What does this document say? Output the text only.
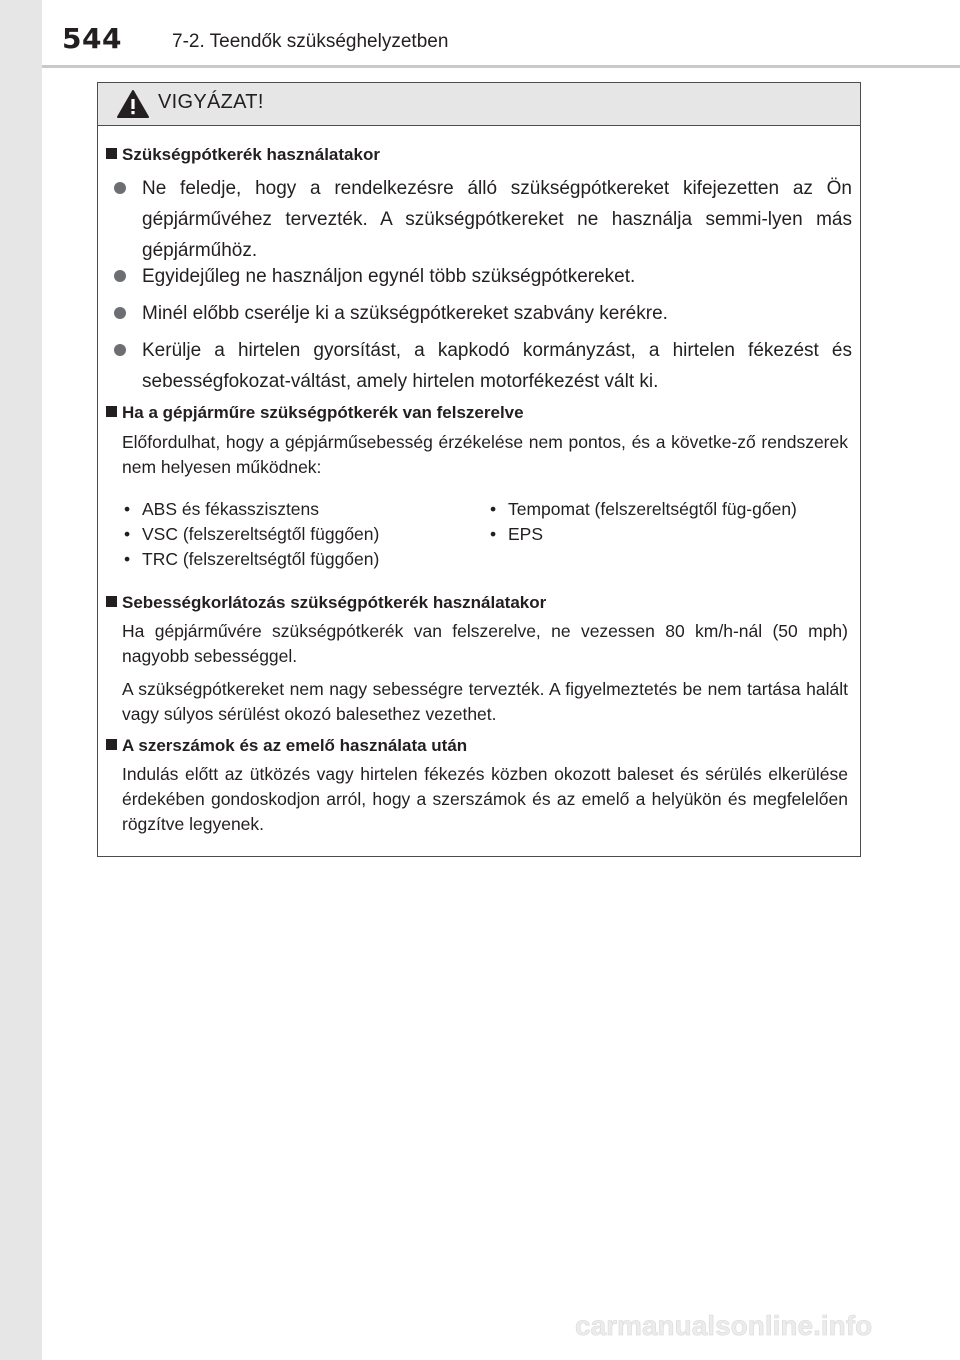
544	7-2. Teendők szükséghelyzetben
VIGYÁZAT!
Szükségpótkerék használatakor
Ne feledje, hogy a rendelkezésre álló szükségpótkereket kifejezetten az Ön gépjárművéhez tervezték. A szükségpótkereket ne használja semmi-lyen más gépjárműhöz.
Egyidejűleg ne használjon egynél több szükségpótkereket.
Minél előbb cserélje ki a szükségpótkereket szabvány kerékre.
Kerülje a hirtelen gyorsítást, a kapkodó kormányzást, a hirtelen fékezést és sebességfokozat-váltást, amely hirtelen motorfékezést vált ki.
Ha a gépjárműre szükségpótkerék van felszerelve
Előfordulhat, hogy a gépjárműsebesség érzékelése nem pontos, és a követke-ző rendszerek nem helyesen működnek:
• ABS és fékasszisztens
• VSC (felszereltségtől függően)
• TRC (felszereltségtől függően)
• Tempomat (felszereltségtől füg-gően)
• EPS
Sebességkorlátozás szükségpótkerék használatakor
Ha gépjárművére szükségpótkerék van felszerelve, ne vezessen 80 km/h-nál (50 mph) nagyobb sebességgel.
A szükségpótkereket nem nagy sebességre tervezték. A figyelmeztetés be nem tartása halált vagy súlyos sérülést okozó balesethez vezethet.
A szerszámok és az emelő használata után
Indulás előtt az ütközés vagy hirtelen fékezés közben okozott baleset és sérülés elkerülése érdekében gondoskodjon arról, hogy a szerszámok és az emelő a helyükön és megfelelően rögzítve legyenek.
carmanualsonline.info
